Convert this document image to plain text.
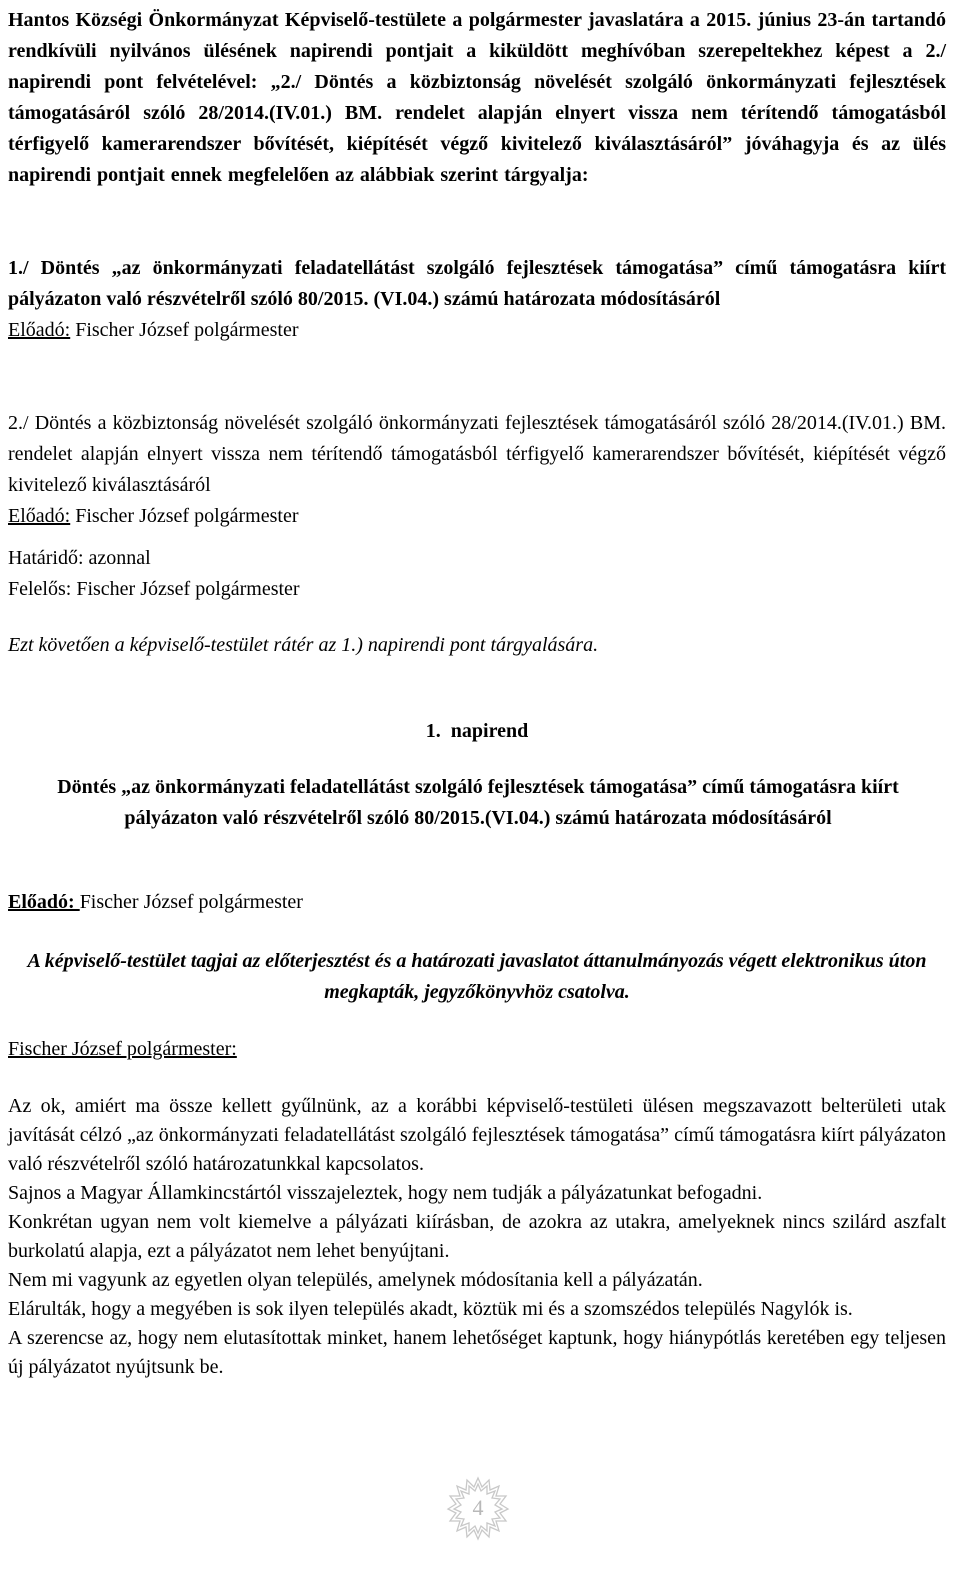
Hantos Községi Önkormányzat Képviselő-testülete a polgármester javaslatára a 2015. június 23-án tartandó rendkívüli nyilvános ülésének napirendi pontjait a kiküldött meghívóban szerepeltekhez képest a 2./ napirendi pont felvételével: „2./ Döntés a közbiztonság növelését szolgáló önkormányzati fejlesztések támogatásáról szóló 28/2014.(IV.01.) BM. rendelet alapján elnyert vissza nem térítendő támogatásból térfigyelő kamerarendszer bővítését, kiépítését végző kivitelező kiválasztásáról” jóváhagyja és az ülés napirendi pontjait ennek megfelelően az alábbiak szerint tárgyalja:

1./ Döntés „az önkormányzati feladatellátást szolgáló fejlesztések támogatása” című támogatásra kiírt pályázaton való részvételről szóló 80/2015. (VI.04.) számú határozata módosításáról

Előadó: Fischer József polgármester

2./ Döntés a közbiztonság növelését szolgáló önkormányzati fejlesztések támogatásáról szóló 28/2014.(IV.01.) BM. rendelet alapján elnyert vissza nem térítendő támogatásból térfigyelő kamerarendszer bővítését, kiépítését végző kivitelező kiválasztásáról

Előadó: Fischer József polgármester

Határidő: azonnal

Felelős: Fischer József polgármester

Ezt követően a képviselő-testület rátér az 1.) napirendi pont tárgyalására.

1.  napirend

Döntés „az önkormányzati feladatellátást szolgáló fejlesztések támogatása” című támogatásra kiírt pályázaton való részvételről szóló 80/2015.(VI.04.) számú határozata módosításáról

Előadó: Fischer József polgármester

A képviselő-testület tagjai az előterjesztést és a határozati javaslatot áttanulmányozás végett elektronikus úton megkapták, jegyzőkönyvhöz csatolva.

Fischer József polgármester:

Az ok, amiért ma össze kellett gyűlnünk, az a korábbi képviselő-testületi ülésen megszavazott belterületi utak javítását célzó „az önkormányzati feladatellátást szolgáló fejlesztések támogatása” című támogatásra kiírt pályázaton való részvételről szóló határozatunkkal kapcsolatos.

Sajnos a Magyar Államkincstártól visszajeleztek, hogy nem tudják a pályázatunkat befogadni.

Konkrétan ugyan nem volt kiemelve a pályázati kiírásban, de azokra az utakra, amelyeknek nincs szilárd aszfalt burkolatú alapja, ezt a pályázatot nem lehet benyújtani.

Nem mi vagyunk az egyetlen olyan település, amelynek módosítania kell a pályázatán.

Elárulták, hogy a megyében is sok ilyen település akadt, köztük mi és a szomszédos település Nagylók is.

A szerencse az, hogy nem elutasítottak minket, hanem lehetőséget kaptunk, hogy hiánypótlás keretében egy teljesen új pályázatot nyújtsunk be.

4
